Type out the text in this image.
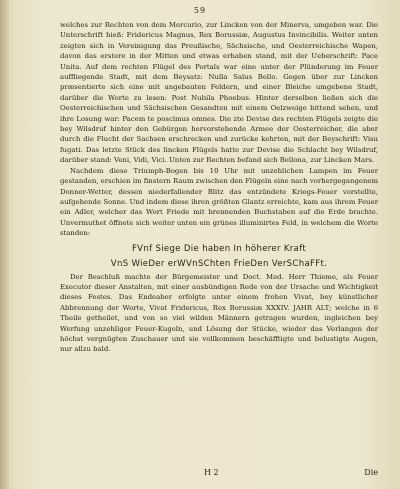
59

welches zur Rechten von dem Mercurio, zur Lincken von der Minerva, umgeben war. Die Unterschrift hieß: Fridericus Magnus, Rex Borussiæ, Augustus Invincibilis. Weiter unten zeigten sich in Vereinigung das Preußische, Sächsische, und Oesterreichische Wapen, davon das erstere in der Mitten und etwas erhaben stand, mit der Ueberschrift: Pace Unita. Auf dem rechten Flügel des Portals war eine unter der Plünderung im Feuer auffliegende Stadt, mit dem Beysatz: Nulla Salus Bello. Gegen über zur Lincken præsentierte sich eine mit angebauten Feldern, und einer Bleiche umgebene Stadt, darüber die Worte zu lesen: Post Nubila Phoebus. Hinter derselben ließen sich die Oesterreichischen und Sächsischen Gesandten mit einem Oelzweige bittend sehen, und ihre Losung war: Pacem te poscimus omnes. Die zte Devise des rechten Flügels zeigte die bey Wilsdruf hinter den Gebürgen hervorstehende Armee der Oesterreicher, die aber durch die Flucht der Sachsen erschrecken und zurücke kehrten, mit der Beyschrift: Visu fugati. Das letzte Stück des lincken Flügels hatte zur Devise die Schlacht bey Wilsdruf, darüber stand: Veni, Vidi, Vici. Unten zur Rechten befand sich Bellona, zur Lincken Mars.

Nachdem diese Triumph-Bogen bis 10 Uhr mit unzehlichen Lampen im Feuer gestanden, erschien im finstern Raum zwischen den Flügeln eine nach vorhergegangenem Donner-Wetter, dessen niederfallender Blitz das entzündete Kriegs-Feuer vorstellte, aufgehende Sonne. Und indem diese ihren größten Glantz erreichte, kam aus ihrem Feuer ein Adler, welcher das Wort Friede mit brennenden Buchstaben auf die Erde brachte. Unvermuthet öffnete sich weiter unten ein grünes illuminirtes Feld, in welchem die Worte standen:

FVnf Siege Die haben In höherer Kraft
VnS WieDer erWVnSChten FrieDen VerSChaFFt.

Der Beschluß machte der Bürgemeister und Doct. Med. Herr Thieme, als Feuer Executor dieser Anstalten, mit einer ausbündigen Rede von der Ursache und Wichtigkeit dieses Festes. Das Endeaber erfolgte unter einem frohen Vivat, bey künstlicher Abbrennung der Worte, Vivat Fridericus, Rex Borussiæ XXXIV. JAHR ALT; welche in 6 Theile getheilet, und von so viel wilden Männern getragen wurden, ingleichen bey Werfung unzehliger Feuer-Kugeln, und Lösung der Stücke, wieder das Verlangen der höchst vergnügten Zuschauer und sie vollkommen beschäfftigte und belustigte Augen, nur allzu bald.

H 2	Die
